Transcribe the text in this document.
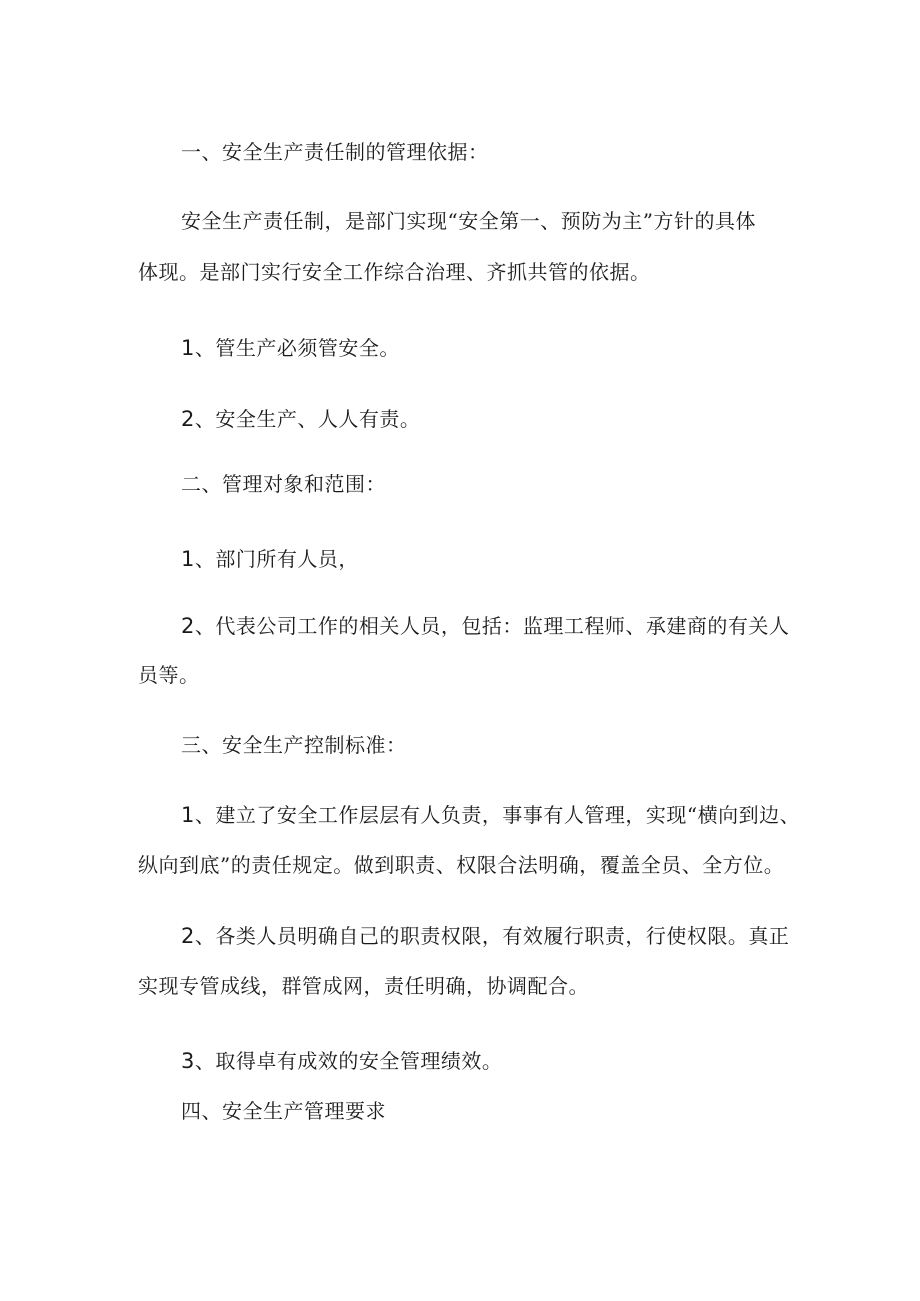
一、安全生产责任制的管理依据：
安全生产责任制，是部门实现“安全第一、预防为主”方针的具体
体现。是部门实行安全工作综合治理、齐抓共管的依据。
1、管生产必须管安全。
2、安全生产、人人有责。
二、管理对象和范围：
1、部门所有人员，
2、代表公司工作的相关人员，包括：监理工程师、承建商的有关人
员等。
三、安全生产控制标准：
1、建立了安全工作层层有人负责，事事有人管理，实现“横向到边、
纵向到底”的责任规定。做到职责、权限合法明确，覆盖全员、全方位。
2、各类人员明确自己的职责权限，有效履行职责，行使权限。真正
实现专管成线，群管成网，责任明确，协调配合。
3、取得卓有成效的安全管理绩效。
四、安全生产管理要求
